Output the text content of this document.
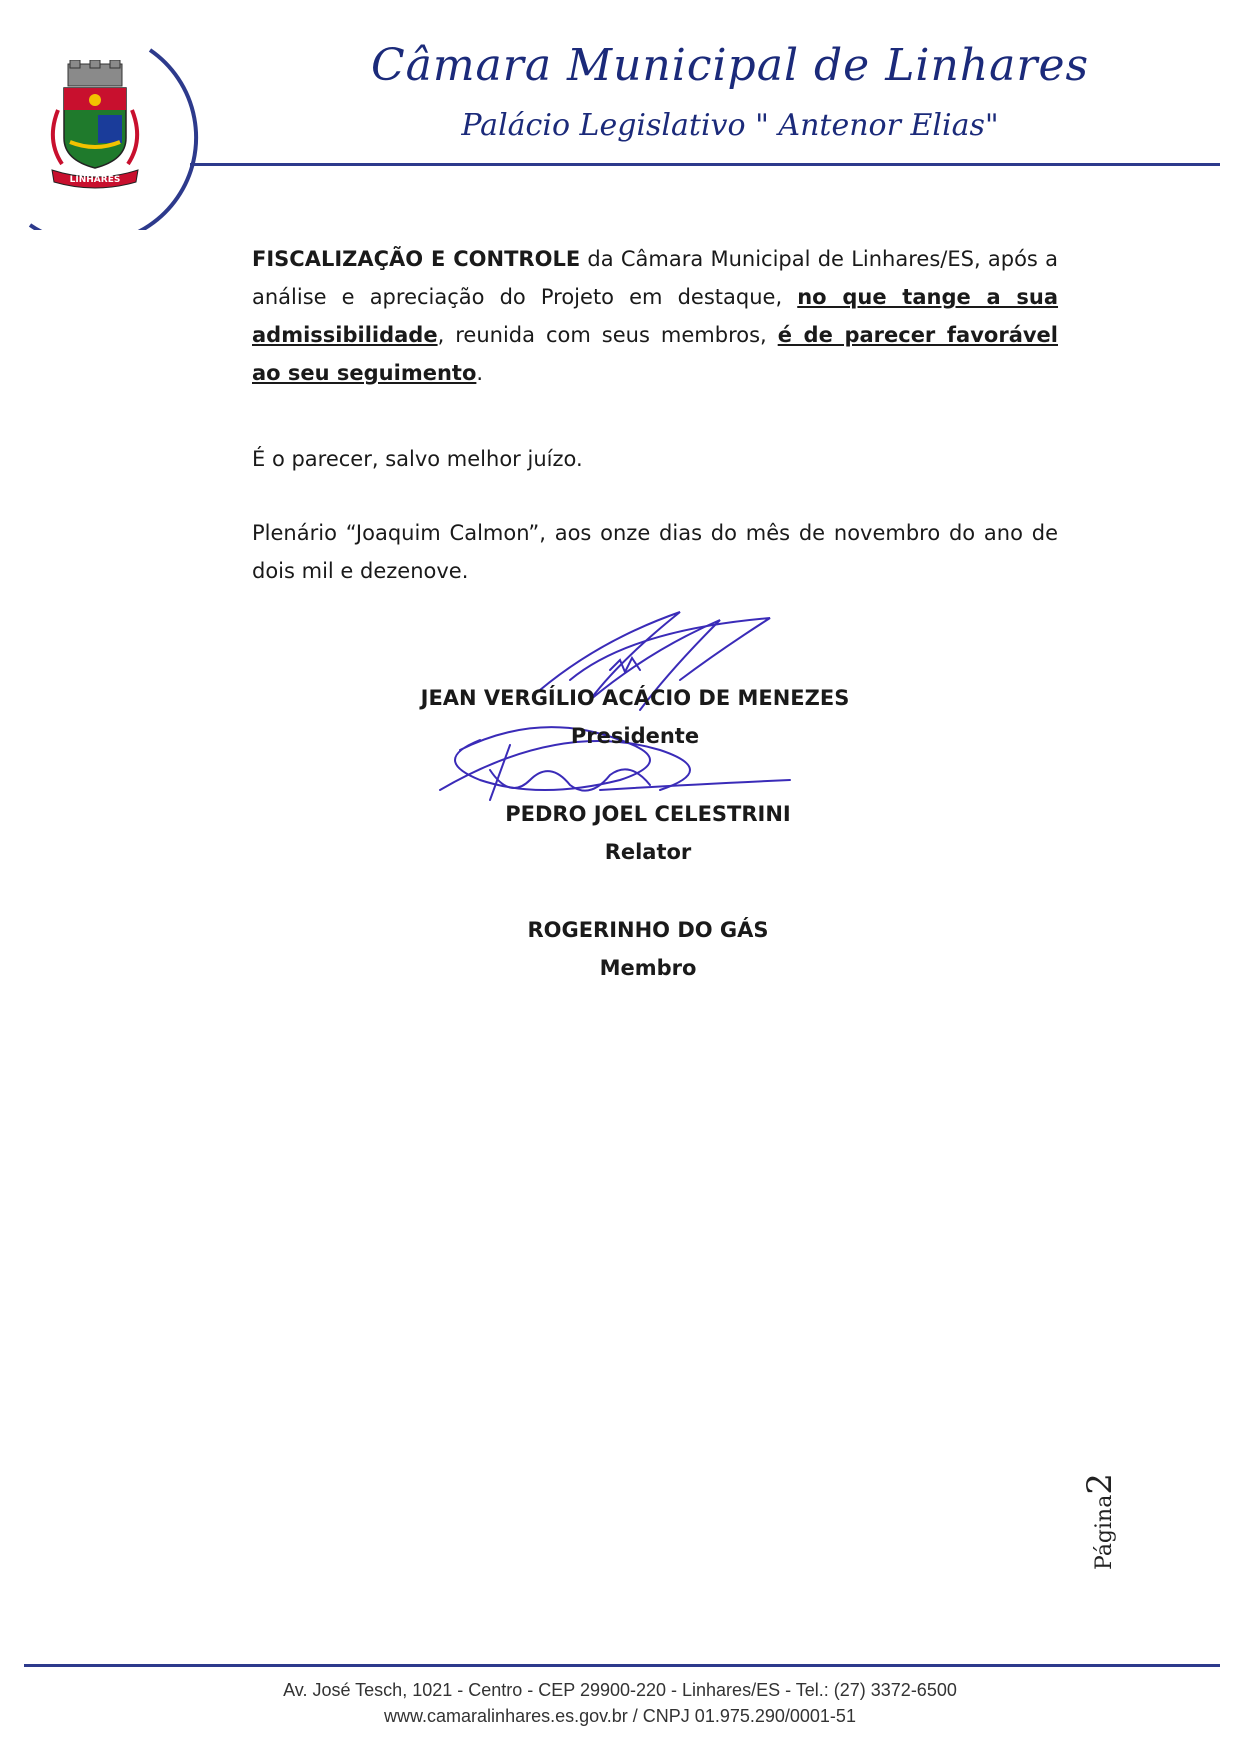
LINHARES
Câmara Municipal de Linhares
Palácio Legislativo " Antenor Elias"
FISCALIZAÇÃO E CONTROLE da Câmara Municipal de Linhares/ES, após a análise e apreciação do Projeto em destaque, no que tange a sua admissibilidade, reunida com seus membros, é de parecer favorável ao seu seguimento.
É o parecer, salvo melhor juízo.
Plenário “Joaquim Calmon”, aos onze dias do mês de novembro do ano de dois mil e dezenove.
JEAN VERGÍLIO ACÁCIO DE MENEZES
Presidente
PEDRO JOEL CELESTRINI
Relator
ROGERINHO DO GÁS
Membro
Página2
Av. José Tesch, 1021 - Centro - CEP 29900-220 - Linhares/ES - Tel.: (27) 3372-6500
www.camaralinhares.es.gov.br / CNPJ 01.975.290/0001-51
